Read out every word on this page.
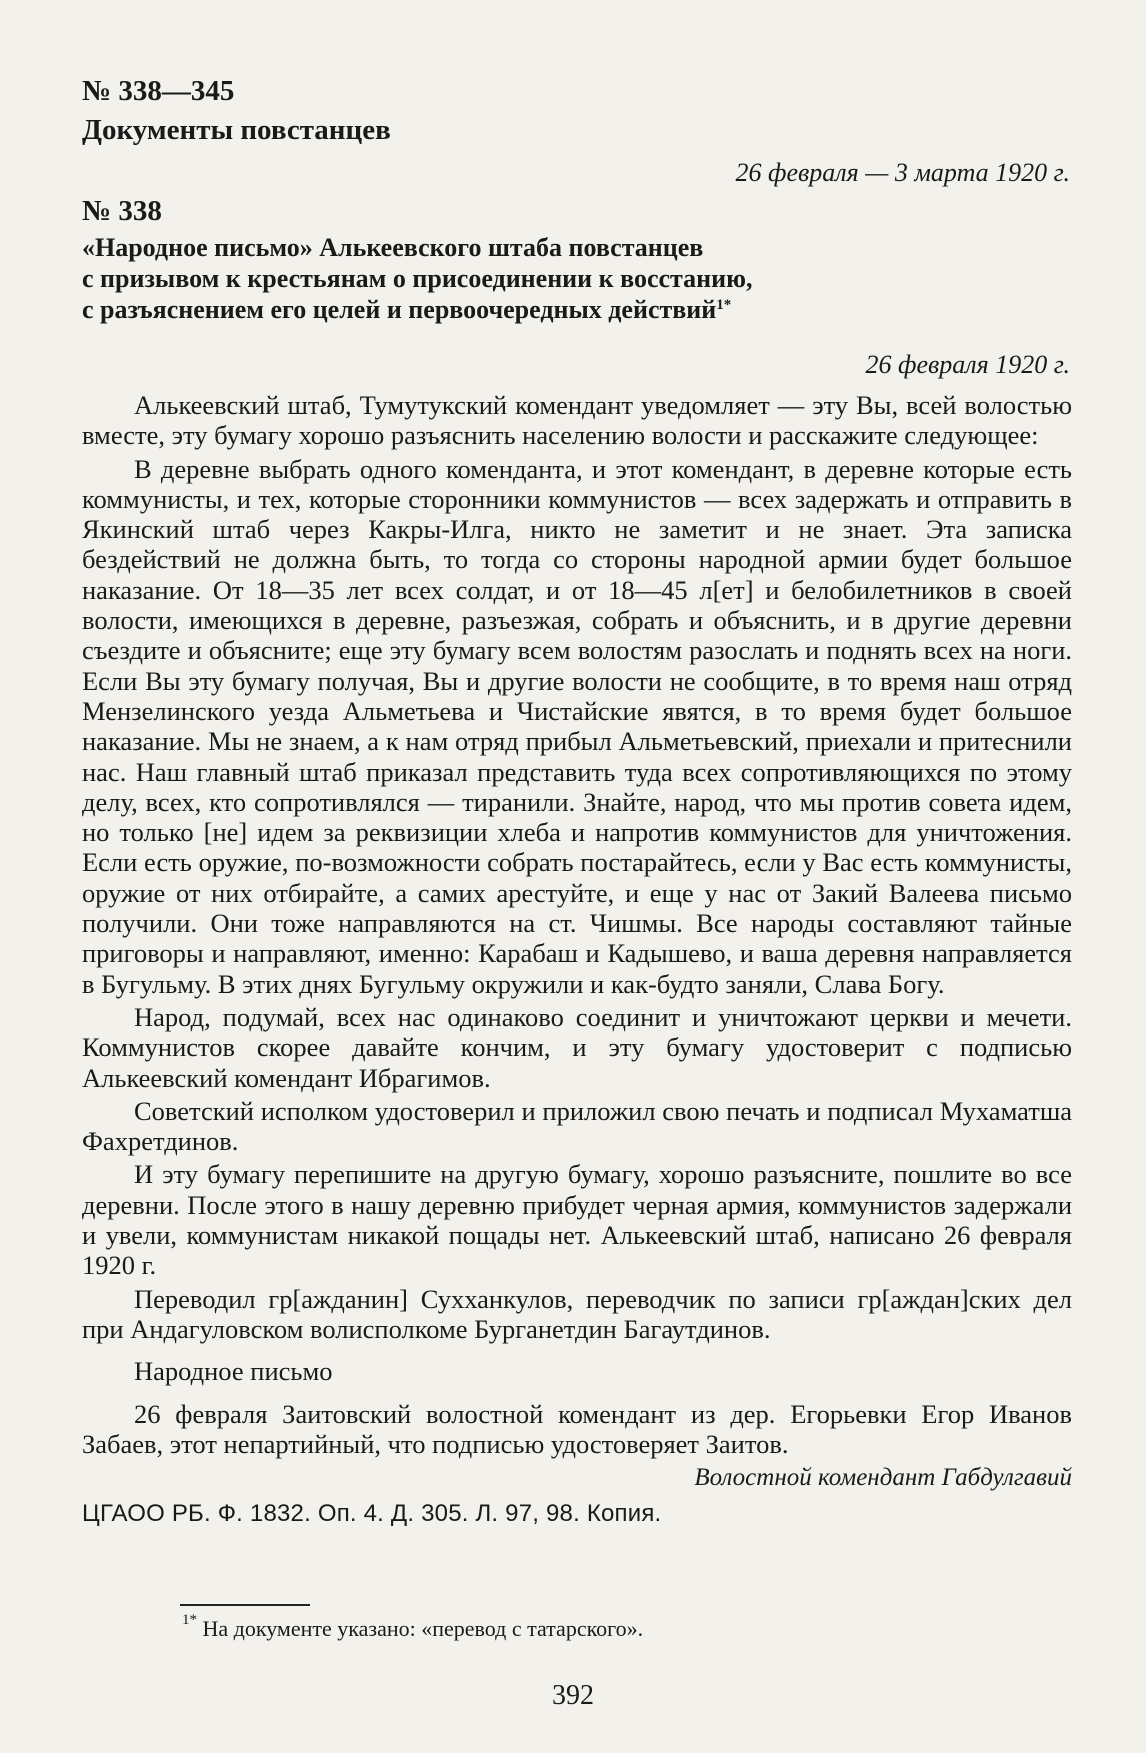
№ 338—345
Документы повстанцев
26 февраля — 3 марта 1920 г.
№ 338
«Народное письмо» Алькеевского штаба повстанцев
с призывом к крестьянам о присоединении к восстанию,
с разъяснением его целей и первоочередных действий$^{1*}$
26 февраля 1920 г.

Алькеевский штаб, Тумутукский комендант уведомляет — эту Вы, всей волостью вместе, эту бумагу хорошо разъяснить населению волости и расскажите следующее:

В деревне выбрать одного коменданта, и этот комендант, в деревне которые есть коммунисты, и тех, которые сторонники коммунистов — всех задержать и отправить в Якинский штаб через Какры-Илга, никто не заметит и не знает. Эта записка бездействий не должна быть, то тогда со стороны народной армии будет большое наказание. От 18—35 лет всех солдат, и от 18—45 л[ет] и белобилетников в своей волости, имеющихся в деревне, разъезжая, собрать и объяснить, и в другие деревни съездите и объясните; еще эту бумагу всем волостям разослать и поднять всех на ноги. Если Вы эту бумагу получая, Вы и другие волости не сообщите, в то время наш отряд Мензелинского уезда Альметьева и Чистайские явятся, в то время будет большое наказание. Мы не знаем, а к нам отряд прибыл Альметьевский, приехали и притеснили нас. Наш главный штаб приказал представить туда всех сопротивляющихся по этому делу, всех, кто сопротивлялся — тиранили. Знайте, народ, что мы против совета идем, но только [не] идем за реквизиции хлеба и напротив коммунистов для уничтожения. Если есть оружие, по-возможности собрать постарайтесь, если у Вас есть коммунисты, оружие от них отбирайте, а самих арестуйте, и еще у нас от Закий Валеева письмо получили. Они тоже направляются на ст. Чишмы. Все народы составляют тайные приговоры и направляют, именно: Карабаш и Кадышево, и ваша деревня направляется в Бугульму. В этих днях Бугульму окружили и как-будто заняли, Слава Богу.

Народ, подумай, всех нас одинаково соединит и уничтожают церкви и мечети. Коммунистов скорее давайте кончим, и эту бумагу удостоверит с подписью Алькеевский комендант Ибрагимов.

Советский исполком удостоверил и приложил свою печать и подписал Мухаматша Фахретдинов.

И эту бумагу перепишите на другую бумагу, хорошо разъясните, пошлите во все деревни. После этого в нашу деревню прибудет черная армия, коммунистов задержали и увели, коммунистам никакой пощады нет. Алькеевский штаб, написано 26 февраля 1920 г.

Переводил гр[ажданин] Сухханкулов, переводчик по записи гр[аждан]ских дел при Андагуловском волисполкоме Бурганетдин Багаутдинов.

Народное письмо

26 февраля Заитовский волостной комендант из дер. Егорьевки Егор Иванов Забаев, этот непартийный, что подписью удостоверяет Заитов.

Волостной комендант Габдулгавий
ЦГАОО РБ. Ф. 1832. Оп. 4. Д. 305. Л. 97, 98. Копия.
$^{1*}$ На документе указано: «перевод с татарского».
392
